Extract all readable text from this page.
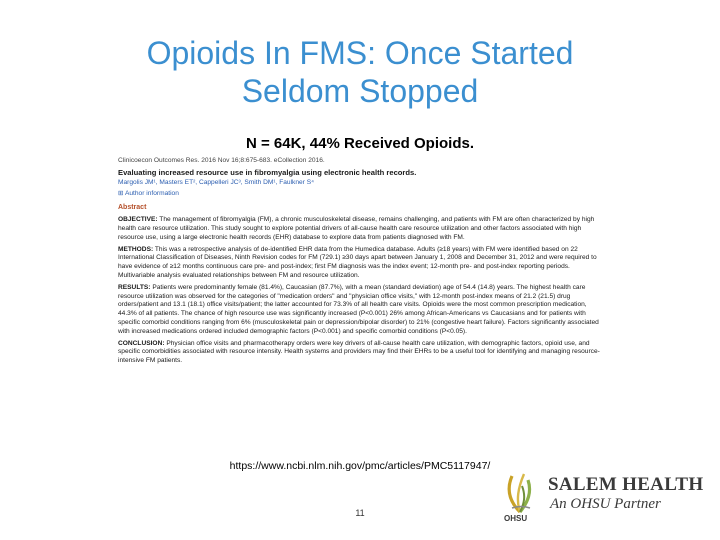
Opioids In FMS: Once Started
Seldom Stopped
N = 64K, 44% Received Opioids.
Clinicoecon Outcomes Res. 2016 Nov 16;8:675-683. eCollection 2016.
Evaluating increased resource use in fibromyalgia using electronic health records.
Margolis JM¹, Masters ET², Cappelleri JC³, Smith DM¹, Faulkner S⁴
⊞ Author information
Abstract
OBJECTIVE: The management of fibromyalgia (FM), a chronic musculoskeletal disease, remains challenging, and patients with FM are often characterized by high health care resource utilization. This study sought to explore potential drivers of all-cause health care resource utilization and other factors associated with high resource use, using a large electronic health records (EHR) database to explore data from patients diagnosed with FM.
METHODS: This was a retrospective analysis of de-identified EHR data from the Humedica database. Adults (≥18 years) with FM were identified based on 22 International Classification of Diseases, Ninth Revision codes for FM (729.1) ≥30 days apart between January 1, 2008 and December 31, 2012 and were required to have evidence of ≥12 months continuous care pre- and post-index; first FM diagnosis was the index event; 12-month pre- and post-index reporting periods. Multivariable analysis evaluated relationships between FM and resource utilization.
RESULTS: Patients were predominantly female (81.4%), Caucasian (87.7%), with a mean (standard deviation) age of 54.4 (14.8) years. The highest health care resource utilization was observed for the categories of "medication orders" and "physician office visits," with 12-month post-index means of 21.2 (21.5) drug orders/patient and 13.1 (18.1) office visits/patient; the latter accounted for 73.3% of all health care visits. Opioids were the most common prescription medication, 44.3% of all patients. The chance of high resource use was significantly increased (P<0.001) 26% among African-Americans vs Caucasians and for patients with specific comorbid conditions ranging from 6% (musculoskeletal pain or depression/bipolar disorder) to 21% (congestive heart failure). Factors significantly associated with increased medications ordered included demographic factors (P<0.001) and specific comorbid conditions (P<0.05).
CONCLUSION: Physician office visits and pharmacotherapy orders were key drivers of all-cause health care utilization, with demographic factors, opioid use, and specific comorbidities associated with resource intensity. Health systems and providers may find their EHRs to be a useful tool for identifying and managing resource-intensive FM patients.
https://www.ncbi.nlm.nih.gov/pmc/articles/PMC5117947/
11
OHSU
SALEM HEALTH
An OHSU Partner
